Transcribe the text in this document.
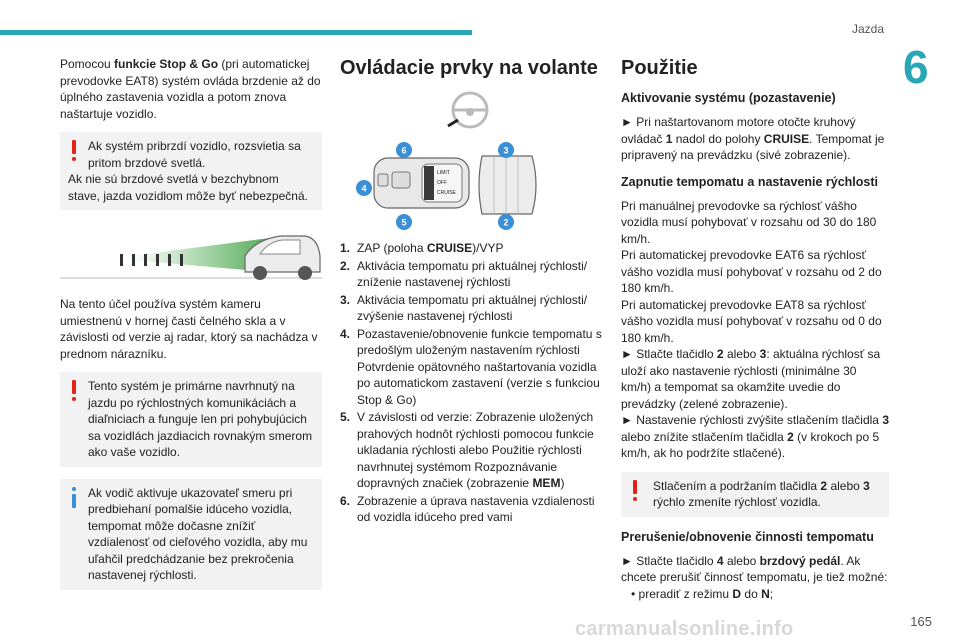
Jazda
6
Pomocou funkcie Stop & Go (pri automatickej prevodovke EAT8) systém ovláda brzdenie až do úplného zastavenia vozidla a potom znova naštartuje vozidlo.
Ak systém pribrzdí vozidlo, rozsvietia sa pritom brzdové svetlá.
Ak nie sú brzdové svetlá v bezchybnom stave, jazda vozidlom môže byť nebezpečná.
Na tento účel používa systém kameru umiestnenú v hornej časti čelného skla a v závislosti od verzie aj radar, ktorý sa nachádza v prednom nárazníku.
Tento systém je primárne navrhnutý na jazdu po rýchlostných komunikáciách a diaľniciach a funguje len pri pohybujúcich sa vozidlách jazdiacich rovnakým smerom ako vaše vozidlo.
Ak vodič aktivuje ukazovateľ smeru pri predbiehaní pomalšie idúceho vozidla, tempomat môže dočasne znížiť vzdialenosť od cieľového vozidla, aby mu uľahčil predchádzanie bez prekročenia nastavenej rýchlosti.
Ovládacie prvky na volante
LIMIT
OFF
CRUISE
6
4
5
3
2
1. ZAP (poloha CRUISE)/VYP
2. Aktivácia tempomatu pri aktuálnej rýchlosti/ zníženie nastavenej rýchlosti
3. Aktivácia tempomatu pri aktuálnej rýchlosti/ zvýšenie nastavenej rýchlosti
4. Pozastavenie/obnovenie funkcie tempomatu s predošlým uloženým nastavením rýchlosti Potvrdenie opätovného naštartovania vozidla po automatickom zastavení (verzie s funkciou Stop & Go)
5. V závislosti od verzie: Zobrazenie uložených prahových hodnôt rýchlosti pomocou funkcie ukladania rýchlosti alebo Použitie rýchlosti navrhnutej systémom Rozpoznávanie dopravných značiek (zobrazenie MEM)
6. Zobrazenie a úprava nastavenia vzdialenosti od vozidla idúceho pred vami
Použitie
Aktivovanie systému (pozastavenie)
► Pri naštartovanom motore otočte kruhový ovládač 1 nadol do polohy CRUISE. Tempomat je pripravený na prevádzku (sivé zobrazenie).
Zapnutie tempomatu a nastavenie rýchlosti
Pri manuálnej prevodovke sa rýchlosť vášho vozidla musí pohybovať v rozsahu od 30 do 180 km/h.
Pri automatickej prevodovke EAT6 sa rýchlosť vášho vozidla musí pohybovať v rozsahu od 2 do 180 km/h.
Pri automatickej prevodovke EAT8 sa rýchlosť vášho vozidla musí pohybovať v rozsahu od 0 do 180 km/h.
► Stlačte tlačidlo 2 alebo 3: aktuálna rýchlosť sa uloží ako nastavenie rýchlosti (minimálne 30 km/h) a tempomat sa okamžite uvedie do prevádzky (zelené zobrazenie).
► Nastavenie rýchlosti zvýšite stlačením tlačidla 3 alebo znížite stlačením tlačidla 2 (v krokoch po 5 km/h, ak ho podržíte stlačené).
Stlačením a podržaním tlačidla 2 alebo 3 rýchlo zmeníte rýchlosť vozidla.
Prerušenie/obnovenie činnosti tempomatu
► Stlačte tlačidlo 4 alebo brzdový pedál. Ak chcete prerušiť činnosť tempomatu, je tiež možné:
• preradiť z režimu D do N;
carmanualsonline.info	165
